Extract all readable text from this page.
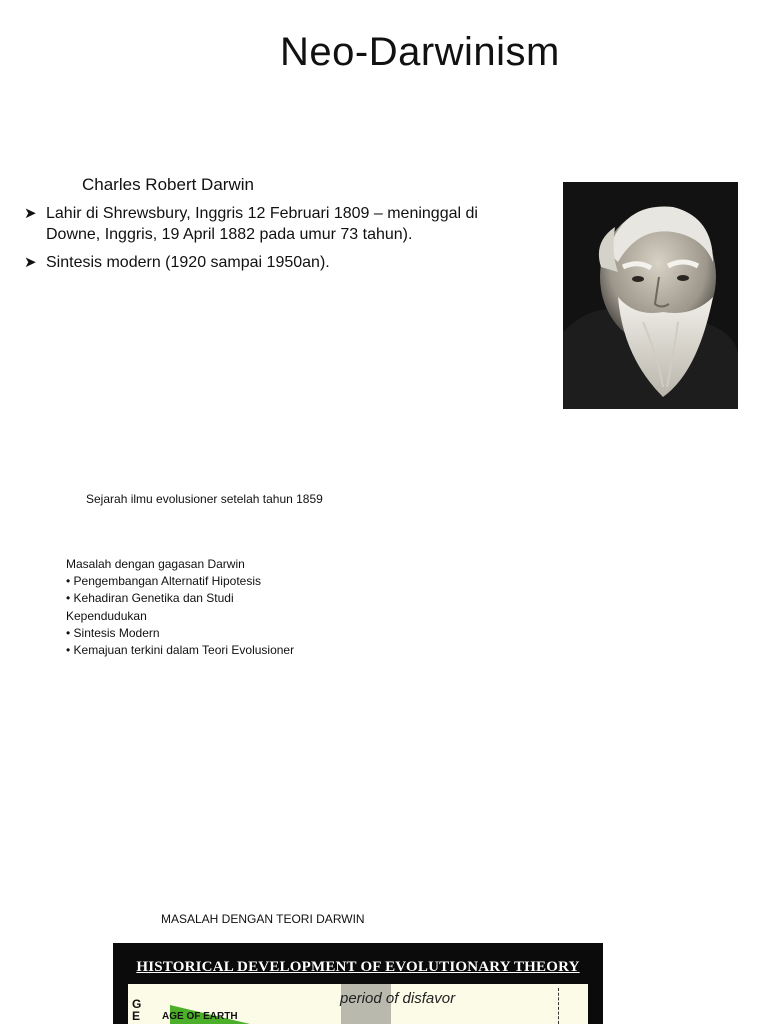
Neo-Darwinism
Charles Robert Darwin
➤ Lahir di Shrewsbury, Inggris 12 Februari 1809 – meninggal di Downe, Inggris, 19 April 1882 pada umur 73 tahun).
➤ Sintesis modern (1920 sampai 1950an).
Sejarah ilmu evolusioner setelah tahun 1859
Masalah dengan gagasan Darwin
• Pengembangan Alternatif Hipotesis
• Kehadiran Genetika dan Studi Kependudukan
• Sintesis Modern
• Kemajuan terkini dalam Teori Evolusioner
MASALAH DENGAN TEORI DARWIN
HISTORICAL DEVELOPMENT OF EVOLUTIONARY THEORY
G
E AGE OF EARTH
period of disfavor
